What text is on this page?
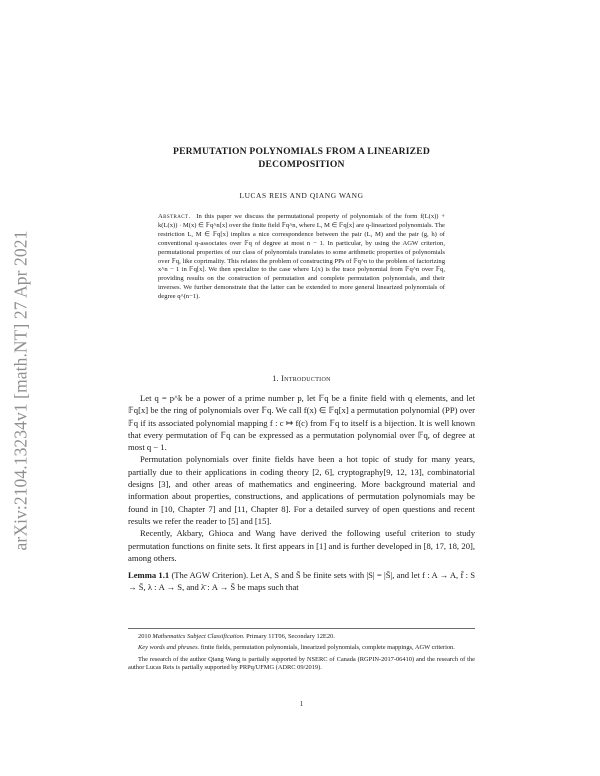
arXiv:2104.13234v1 [math.NT] 27 Apr 2021
PERMUTATION POLYNOMIALS FROM A LINEARIZED
DECOMPOSITION
LUCAS REIS AND QIANG WANG
Abstract. In this paper we discuss the permutational property of polynomials of the form f(L(x)) + k(L(x)) · M(x) ∈ 𝔽q^n[x] over the finite field 𝔽q^n, where L, M ∈ 𝔽q[x] are q-linearized polynomials. The restriction L, M ∈ 𝔽q[x] implies a nice correspondence between the pair (L, M) and the pair (g, h) of conventional q-associates over 𝔽q of degree at most n − 1. In particular, by using the AGW criterion, permutational properties of our class of polynomials translates to some arithmetic properties of polynomials over 𝔽q, like coprimality. This relates the problem of constructing PPs of 𝔽q^n to the problem of factorizing x^n − 1 in 𝔽q[x]. We then specialize to the case where L(x) is the trace polynomial from 𝔽q^n over 𝔽q, providing results on the construction of permutation and complete permutation polynomials, and their inverses. We further demonstrate that the latter can be extended to more general linearized polynomials of degree q^(n−1).
1. Introduction

Let q = p^k be a power of a prime number p, let 𝔽q be a finite field with q elements, and let 𝔽q[x] be the ring of polynomials over 𝔽q. We call f(x) ∈ 𝔽q[x] a permutation polynomial (PP) over 𝔽q if its associated polynomial mapping f : c ↦ f(c) from 𝔽q to itself is a bijection. It is well known that every permutation of 𝔽q can be expressed as a permutation polynomial over 𝔽q, of degree at most q − 1.

Permutation polynomials over finite fields have been a hot topic of study for many years, partially due to their applications in coding theory [2, 6], cryptography[9, 12, 13], combinatorial designs [3], and other areas of mathematics and engineering. More background material and information about properties, constructions, and applications of permutation polynomials may be found in [10, Chapter 7] and [11, Chapter 8]. For a detailed survey of open questions and recent results we refer the reader to [5] and [15].

Recently, Akbary, Ghioca and Wang have derived the following useful criterion to study permutation functions on finite sets. It first appears in [1] and is further developed in [8, 17, 18, 20], among others.

Lemma 1.1 (The AGW Criterion). Let A, S and S̄ be finite sets with |S| = |S̄|, and let f : A → A, f̄ : S → S̄, λ : A → S, and λ̄ : A → S̄ be maps such that

2010 Mathematics Subject Classification. Primary 11T06, Secondary 12E20.

Key words and phrases. finite fields, permutation polynomials, linearized polynomials, complete mappings, AGW criterion.

The research of the author Qiang Wang is partially supported by NSERC of Canada (RGPIN-2017-06410) and the research of the author Lucas Reis is partially supported by PRPq/UFMG (ADRC 09/2019).

1
